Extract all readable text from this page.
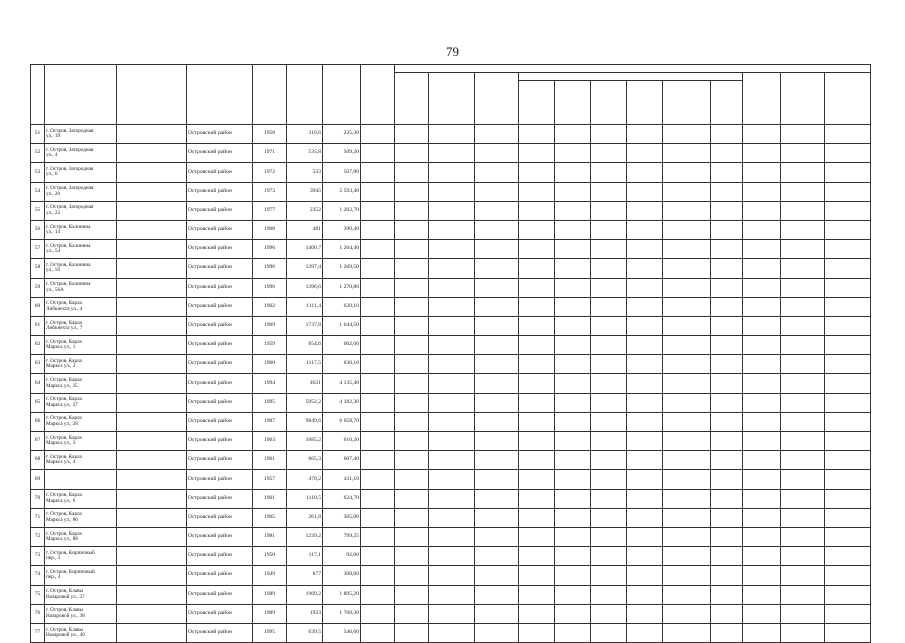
79

51	г. Остров, Загородная
ул., 19		Островский район	1958	316,6	225,30													
52	г. Остров, Загородная
ул., 4		Островский район	1971	535,8	509,20													
53	г. Остров, Загородная
ул., 6		Островский район	1972	533	507,80													
54	г. Остров, Загородная
ул., 20		Островский район	1973	3945	2 593,40													
55	г. Остров, Загородная
ул., 22		Островский район	1977	2352	1 202,70													
56	г. Остров, Калинина
ул., 14		Островский район	1968	481	390,40													
57	г. Остров, Калинина
ул., 54		Островский район	1996	1400,7	1 264,40													
58	г. Остров, Калинина
ул., 56		Островский район	1996	1397,4	1 269,50													
59	г. Остров, Калинина
ул., 56А		Островский район	1996	1396,6	1 270,80													
60	г. Остров, Карла
Либкнехта ул., 4		Островский район	1962	1111,4	620,10													
61	г. Остров, Карла
Либкнехта ул., 7		Островский район	1969	1737,8	1 644,50													
62	г. Остров, Карла
Маркса ул., 1		Островский район	1959	654,6	602,00													
63	г. Остров, Карла
Маркса ул., 2		Островский район	1960	1117,5	630,10													
64	г. Остров, Карла
Маркса ул., 25		Островский район	1994	4631	4 135,40													
65	г. Остров, Карла
Маркса ул., 27		Островский район	1995	5952,2	4 182,30													
66	г. Остров, Карла
Маркса ул., 28		Островский район	1987	9849,6	6 658,70													
67	г. Остров, Карла
Маркса ул., 3		Островский район	1963	1085,2	610,20													
68	г. Остров, Карла
Маркса ул., 4		Островский район	1961	665,3	607,40													
69			Островский район	1957	470,2	411,10													
70	г. Остров, Карла
Маркса ул., 6		Островский район	1961	1110,5	624,70													
71	г. Остров, Карла
Маркса ул., 86		Островский район	1965	361,8	305,00													
72	г. Остров, Карла
Маркса ул., 88		Островский район	1981	1239,2	799,25													
73	г. Остров, Кирпичный
пер., 3		Островский район	1950	117,1	92,60													
74	г. Остров, Кирпичный
пер., 4		Островский район	1949	877	308,60													
75	г. Остров, Клавы
Назаровой ул., 37		Островский район	1989	1969,2	1 805,20													
76	г. Остров, Клавы
Назаровой ул., 38		Островский район	1989	1933	1 768,30													
77	г. Остров, Клавы
Назаровой ул., 40		Островский район	1995	639,5	546,60													
